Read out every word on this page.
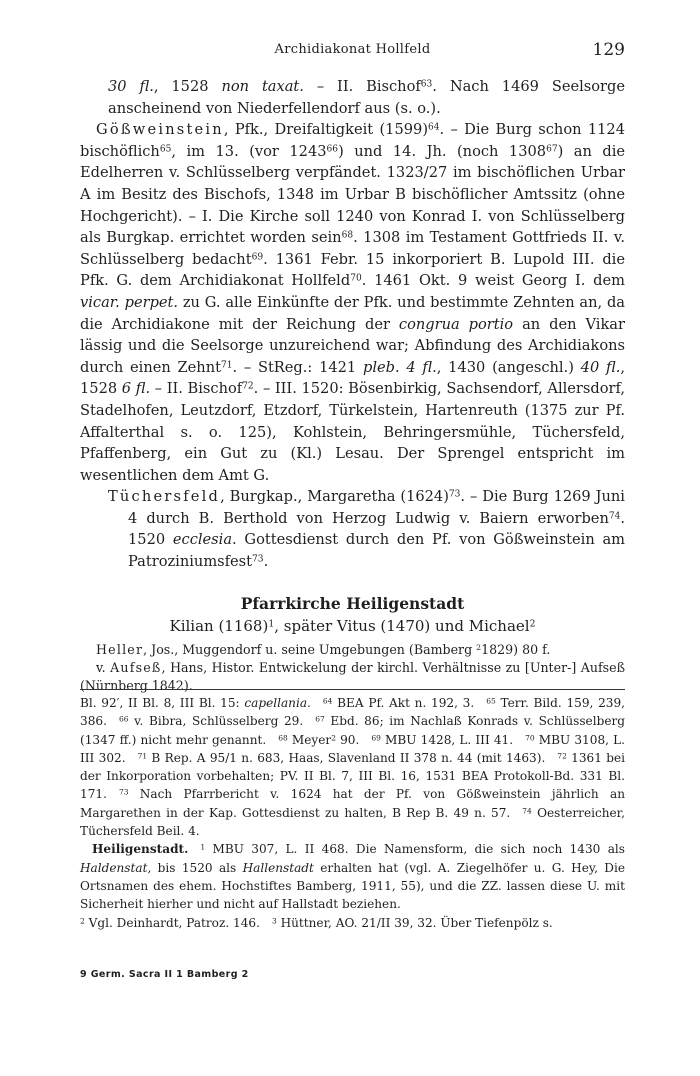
Archidiakonat Hollfeld	129

30 fl., 1528 non taxat. – II. Bischof$^{63}$. Nach 1469 Seelsorge anscheinend von Niederfellendorf aus (s. o.).

Gößweinstein, Pfk., Dreifaltigkeit $(1599)^{64}$. – Die Burg schon 1124 bischöflich$^{65}$, im 13. (vor 1243$^{66}$) und 14. Jh. (noch 1308$^{67}$) an die Edelherren v. Schlüsselberg verpfändet. 1323/27 im bischöflichen Urbar A im Besitz des Bischofs, 1348 im Urbar B bischöflicher Amtssitz (ohne Hochgericht). – I. Die Kirche soll 1240 von Konrad I. von Schlüsselberg als Burgkap. errichtet worden sein$^{68}$. 1308 im Testament Gottfrieds II. v. Schlüsselberg bedacht$^{69}$. 1361 Febr. 15 inkorporiert B. Lupold III. die Pfk. G. dem Archidiakonat Hollfeld$^{70}$. 1461 Okt. 9 weist Georg I. dem vicar. perpet. zu G. alle Einkünfte der Pfk. und bestimmte Zehnten an, da die Archidiakone mit der Reichung der congrua portio an den Vikar lässig und die Seelsorge unzureichend war; Abfindung des Archidiakons durch einen Zehnt$^{71}$. – StReg.: 1421 pleb. 4 fl., 1430 (angeschl.) 40 fl., 1528 6 fl. – II. Bischof$^{72}$. – III. 1520: Bösenbirkig, Sachsendorf, Allersdorf, Stadelhofen, Leutzdorf, Etzdorf, Türkelstein, Hartenreuth (1375 zur Pf. Affalterthal s. o. 125), Kohlstein, Behringersmühle, Tüchersfeld, Pfaffenberg, ein Gut zu (Kl.) Lesau. Der Sprengel entspricht im wesentlichen dem Amt G.

Tüchersfeld, Burgkap., Margaretha $(1624)^{73}$. – Die Burg 1269 Juni 4 durch B. Berthold von Herzog Ludwig v. Baiern erworben$^{74}$. 1520 ecclesia. Gottesdienst durch den Pf. von Gößweinstein am Patroziniumsfest$^{73}$.

Pfarrkirche Heiligenstadt
Kilian $(1168)^1$, später Vitus (1470) und Michael$^2$

Heller, Jos., Muggendorf u. seine Umgebungen (Bamberg $^2$1829) 80 f.

v. Aufseß, Hans, Histor. Entwickelung der kirchl. Verhältnisse zu [Unter-] Aufseß (Nürnberg 1842).

Bl. 92′, II Bl. 8, III Bl. 15: capellania. $^{64}$ BEA Pf. Akt n. 192, 3. $^{65}$ Terr. Bild. 159, 239, 386. $^{66}$ v. Bibra, Schlüsselberg 29. $^{67}$ Ebd. 86; im Nachlaß Konrads v. Schlüsselberg (1347 ff.) nicht mehr genannt. $^{68}$ Meyer$^2$ 90. $^{69}$ MBU 1428, L. III 41. $^{70}$ MBU 3108, L. III 302. $^{71}$ B Rep. A 95/1 n. 683, Haas, Slavenland II 378 n. 44 (mit 1463). $^{72}$ 1361 bei der Inkorporation vorbehalten; PV. II Bl. 7, III Bl. 16, 1531 BEA Protokoll-Bd. 331 Bl. 171. $^{73}$ Nach Pfarrbericht v. 1624 hat der Pf. von Gößweinstein jährlich an Margarethen in der Kap. Gottesdienst zu halten, B Rep B. 49 n. 57. $^{74}$ Oesterreicher, Tüchersfeld Beil. 4.

Heiligenstadt. $^1$ MBU 307, L. II 468. Die Namensform, die sich noch 1430 als Haldenstat, bis 1520 als Hallenstadt erhalten hat (vgl. A. Ziegelhöfer u. G. Hey, Die Ortsnamen des ehem. Hochstiftes Bamberg, 1911, 55), und die ZZ. lassen diese U. mit Sicherheit hierher und nicht auf Hallstadt beziehen.

$^2$ Vgl. Deinhardt, Patroz. 146. $^3$ Hüttner, AO. 21/II 39, 32. Über Tiefenpölz s.

9 Germ. Sacra II 1 Bamberg 2
